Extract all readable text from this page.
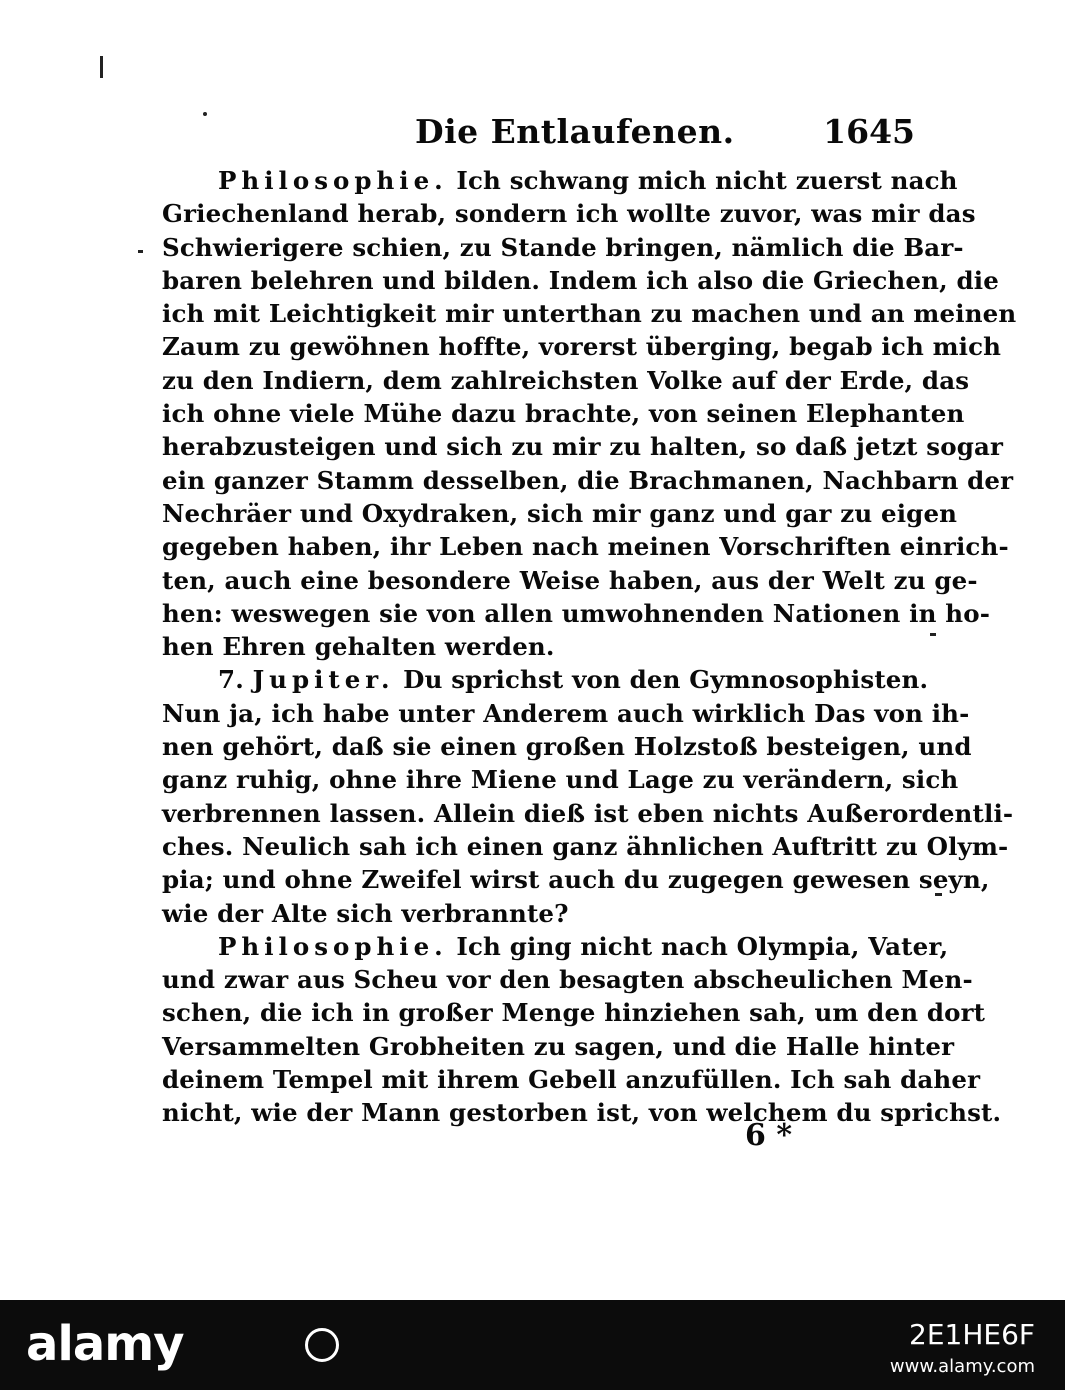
Die Entlaufenen.	1645
Philosophie. Ich schwang mich nicht zuerst nach
Griechenland herab, sondern ich wollte zuvor, was mir das
Schwierigere schien, zu Stande bringen, nämlich die Bar-
baren belehren und bilden. Indem ich also die Griechen, die
ich mit Leichtigkeit mir unterthan zu machen und an meinen
Zaum zu gewöhnen hoffte, vorerst überging, begab ich mich
zu den Indiern, dem zahlreichsten Volke auf der Erde, das
ich ohne viele Mühe dazu brachte, von seinen Elephanten
herabzusteigen und sich zu mir zu halten, so daß jetzt sogar
ein ganzer Stamm desselben, die Brachmanen, Nachbarn der
Nechräer und Oxydraken, sich mir ganz und gar zu eigen
gegeben haben, ihr Leben nach meinen Vorschriften einrich-
ten, auch eine besondere Weise haben, aus der Welt zu ge-
hen: weswegen sie von allen umwohnenden Nationen in ho-
hen Ehren gehalten werden.
7. Jupiter. Du sprichst von den Gymnosophisten.
Nun ja, ich habe unter Anderem auch wirklich Das von ih-
nen gehört, daß sie einen großen Holzstoß besteigen, und
ganz ruhig, ohne ihre Miene und Lage zu verändern, sich
verbrennen lassen. Allein dieß ist eben nichts Außerordentli-
ches. Neulich sah ich einen ganz ähnlichen Auftritt zu Olym-
pia; und ohne Zweifel wirst auch du zugegen gewesen seyn,
wie der Alte sich verbrannte?
Philosophie. Ich ging nicht nach Olympia, Vater,
und zwar aus Scheu vor den besagten abscheulichen Men-
schen, die ich in großer Menge hinziehen sah, um den dort
Versammelten Grobheiten zu sagen, und die Halle hinter
deinem Tempel mit ihrem Gebell anzufüllen. Ich sah daher
nicht, wie der Mann gestorben ist, von welchem du sprichst.
6 *
alamy	2E1HE6F
www.alamy.com
